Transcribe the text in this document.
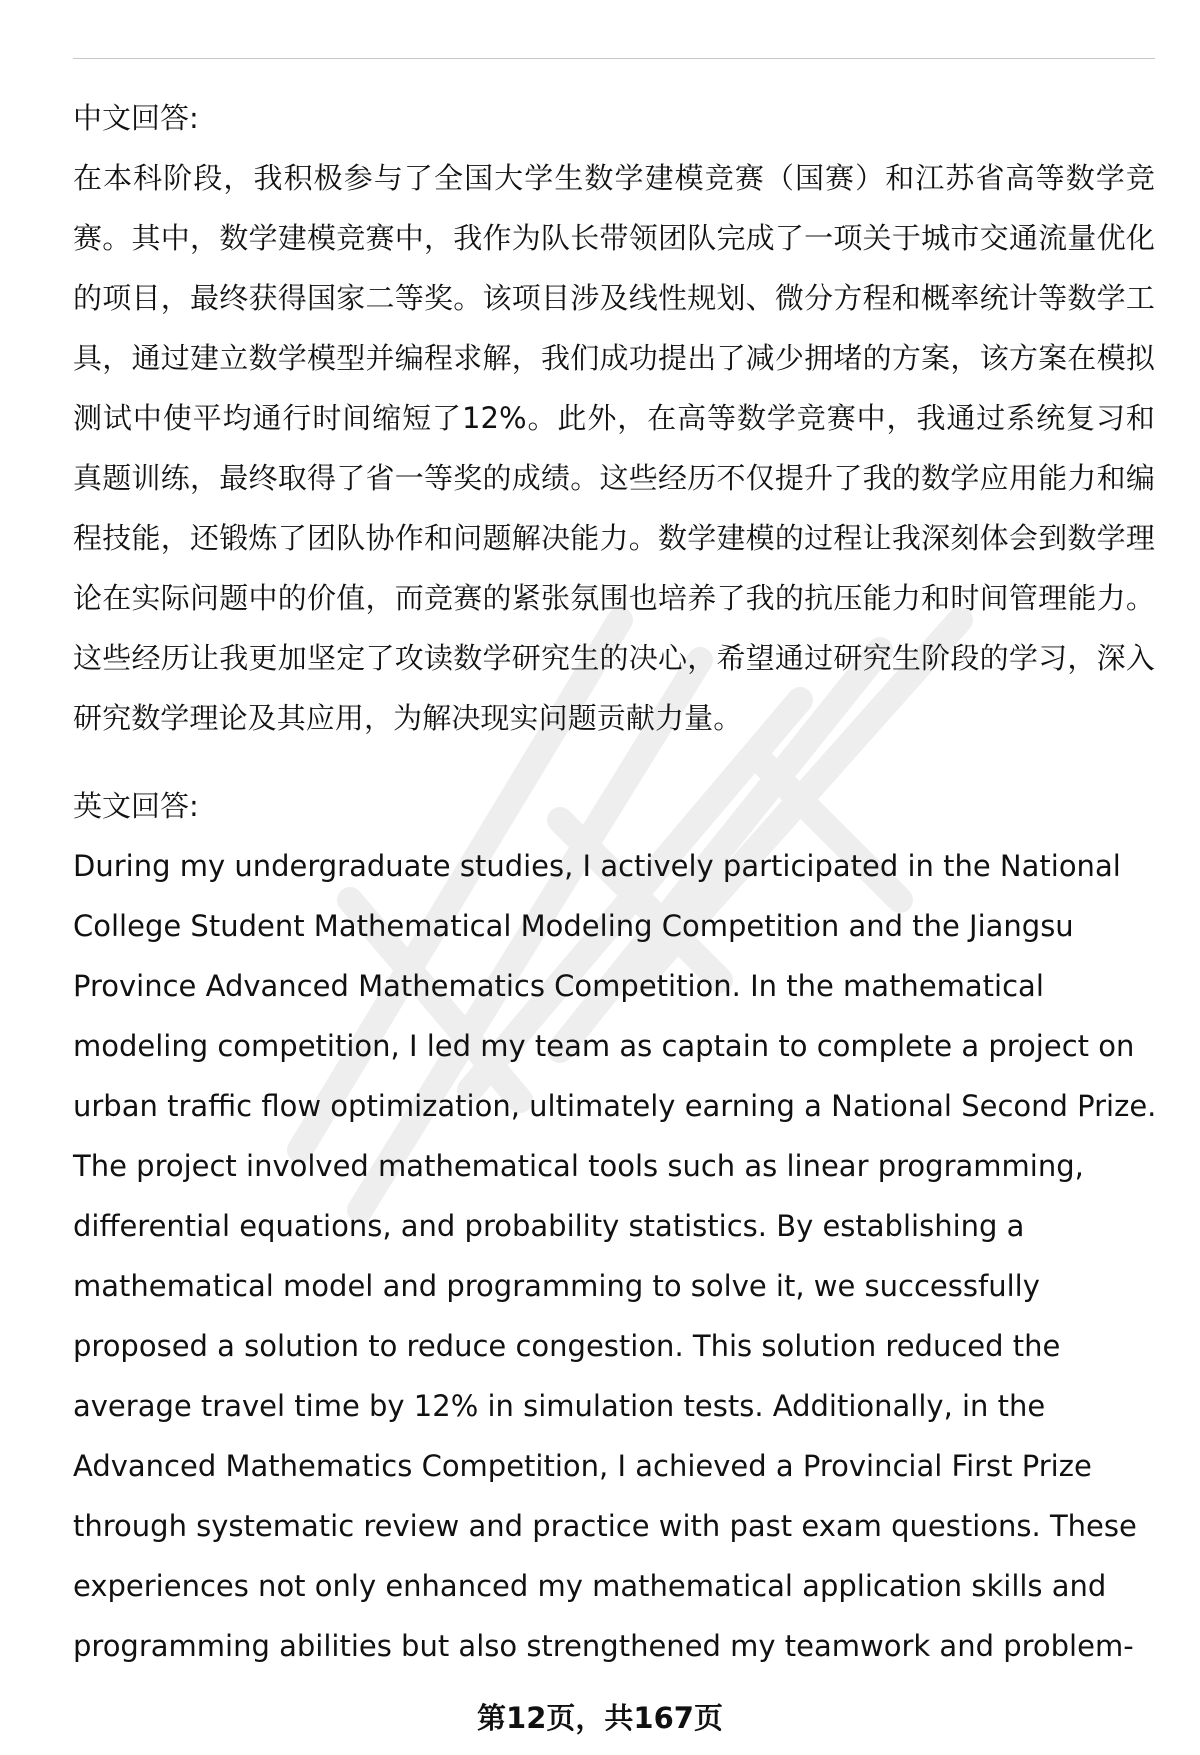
中文回答:

在本科阶段，我积极参与了全国大学生数学建模竞赛（国赛）和江苏省高等数学竞赛。其中，数学建模竞赛中，我作为队长带领团队完成了一项关于城市交通流量优化的项目，最终获得国家二等奖。该项目涉及线性规划、微分方程和概率统计等数学工具，通过建立数学模型并编程求解，我们成功提出了减少拥堵的方案，该方案在模拟测试中使平均通行时间缩短了12%。此外，在高等数学竞赛中，我通过系统复习和真题训练，最终取得了省一等奖的成绩。这些经历不仅提升了我的数学应用能力和编程技能，还锻炼了团队协作和问题解决能力。数学建模的过程让我深刻体会到数学理论在实际问题中的价值，而竞赛的紧张氛围也培养了我的抗压能力和时间管理能力。这些经历让我更加坚定了攻读数学研究生的决心，希望通过研究生阶段的学习，深入研究数学理论及其应用，为解决现实问题贡献力量。

英文回答:

During my undergraduate studies, I actively participated in the National
College Student Mathematical Modeling Competition and the Jiangsu
Province Advanced Mathematics Competition. In the mathematical
modeling competition, I led my team as captain to complete a project on
urban traffic flow optimization, ultimately earning a National Second Prize.
The project involved mathematical tools such as linear programming,
differential equations, and probability statistics. By establishing a
mathematical model and programming to solve it, we successfully
proposed a solution to reduce congestion. This solution reduced the
average travel time by 12% in simulation tests. Additionally, in the
Advanced Mathematics Competition, I achieved a Provincial First Prize
through systematic review and practice with past exam questions. These
experiences not only enhanced my mathematical application skills and
programming abilities but also strengthened my teamwork and problem-

第12页，共167页
